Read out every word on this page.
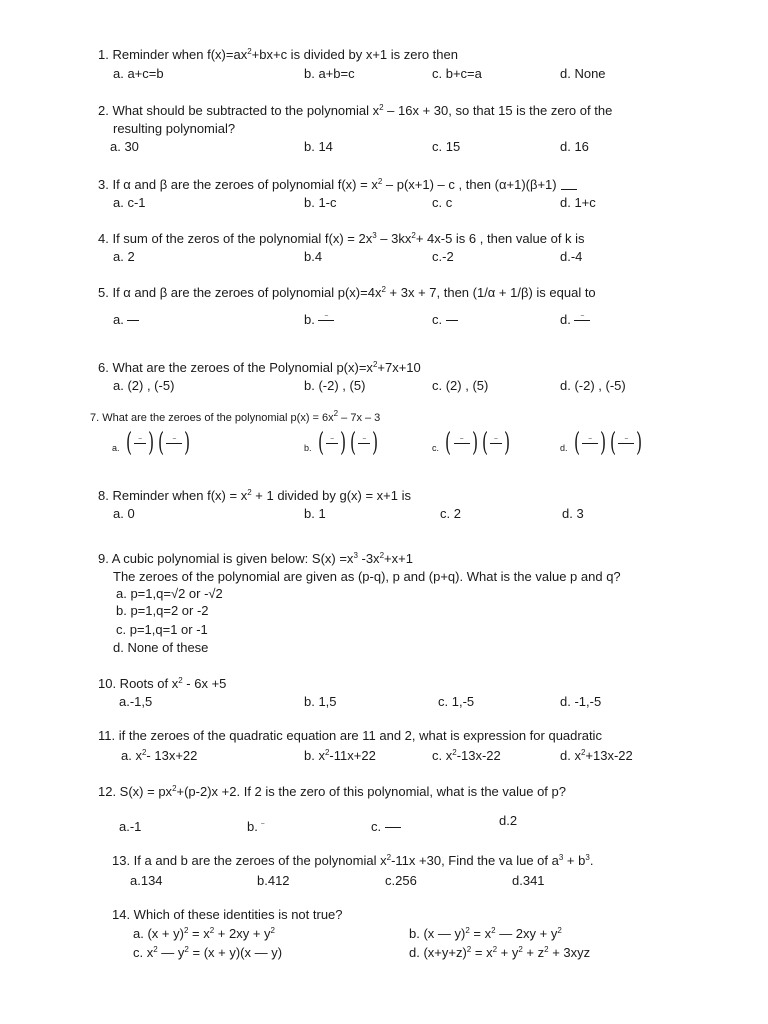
1. Reminder when $f(x)=ax^2+bx+c$ is divided by x+1 is zero then
a. a+c=b	b. a+b=c	c. b+c=a	d. None
2. What should be subtracted to the polynomial $x^2 - 16x + 30$, so that 15 is the zero of the
resulting polynomial?
a. 30	b. 14	c. 15	d. 16
3. If α and β are the zeroes of polynomial $f(x) = x^2 - p(x+1) - c$ , then (α+1)(β+1)
a. c-1	b. 1-c	c. c	d. 1+c
4. If sum of the zeros of the polynomial $f(x) = 2x^3 - 3kx^2+ 4x-5$ is 6 , then value of k is
a. 2	b.4	c.-2	d.-4
5. If α and β are the zeroes of polynomial $p(x)=4x^2 + 3x + 7$, then (1/α + 1/β) is equal to
a.	b.	–	c.	d.	–
6. What are the zeroes of the Polynomial $p(x)=x^2+7x+10$
a. (2) , (-5)	b. (-2) , (5)	c. (2) , (5)	d. (-2) , (-5)
7. What are the zeroes of the polynomial $p(x) = 6x^2 - 7x - 3$
a. (	– ) (	– )	b. (	– ) (	– )	c. (	– ) (	– )	d. (	– ) (	– )
8. Reminder when $f(x) = x^2 + 1$ divided by g(x) = x+1 is
a. 0	b. 1	c. 2	d. 3
9. A cubic polynomial is given below: $S(x) =x^3$ $-3x^2+x+1$
The zeroes of the polynomial are given as (p-q), p and (p+q). What is the value p and q?
a. p=1,q=√2 or -√2
b. p=1,q=2 or -2
c. p=1,q=1 or -1
d. None of these
10. Roots of $x^2 - 6x +5$
a.-1,5	b. 1,5	c. 1,-5	d. -1,-5
11. if the zeroes of the quadratic equation are 11 and 2, what is expression for quadratic
a. $x^2-$ 13x+22	b. $x^2-11x+22$	c. $x^2-13x-22$	d. $x^2+13x-22$
12. $S(x) = px^2+(p-2)x +2$. If 2 is the zero of this polynomial, what is the value of p?
a.-1	b. –	c.	d.2
13. If a and b are the zeroes of the polynomial $x^2-11x +30$, Find the va lue of $a^3 + b^3$.
a.134	b.412	c.256	d.341
14. Which of these identities is not true?
a. $(x + y)^2 = x^2 + 2xy + y^2$	b. (x — $y)^2 = x^2$ — $2xy + y^2$
c. $x^2$ — $y^2 = (x + y)(x$ — y)	d. $(x+y+z)^2 = x^2 + y^2 + z^2 + 3xyz$
